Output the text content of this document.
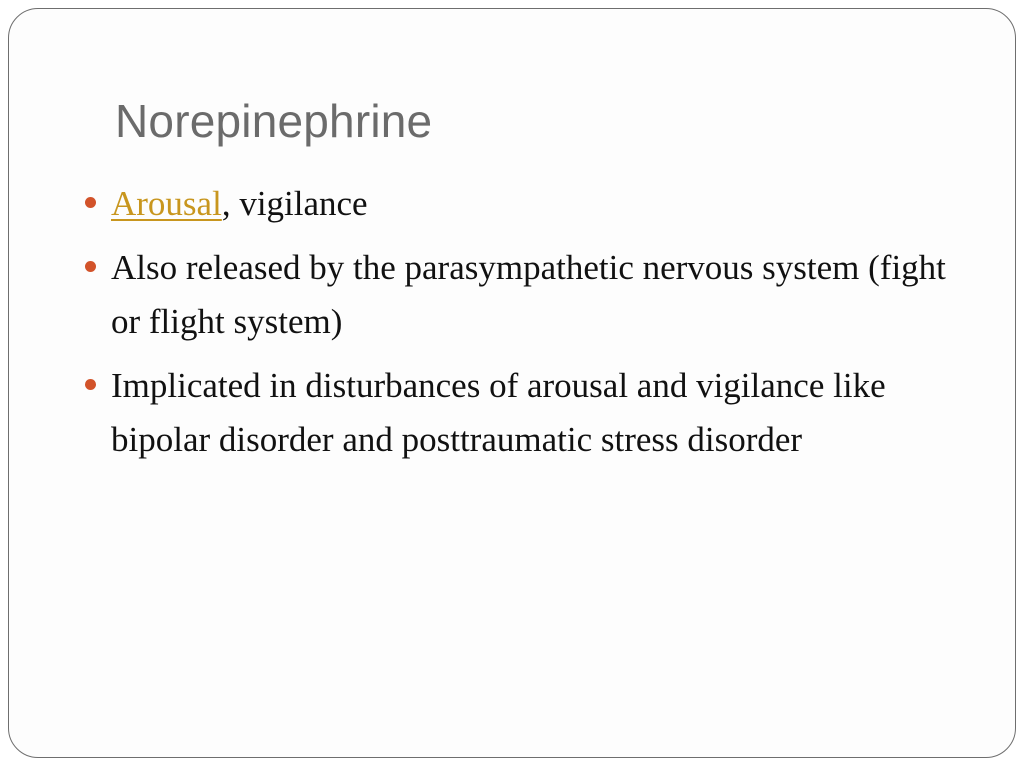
Norepinephrine
Arousal, vigilance
Also released by the parasympathetic nervous system (fight or flight system)
Implicated in disturbances of arousal and vigilance like bipolar disorder and posttraumatic stress disorder
